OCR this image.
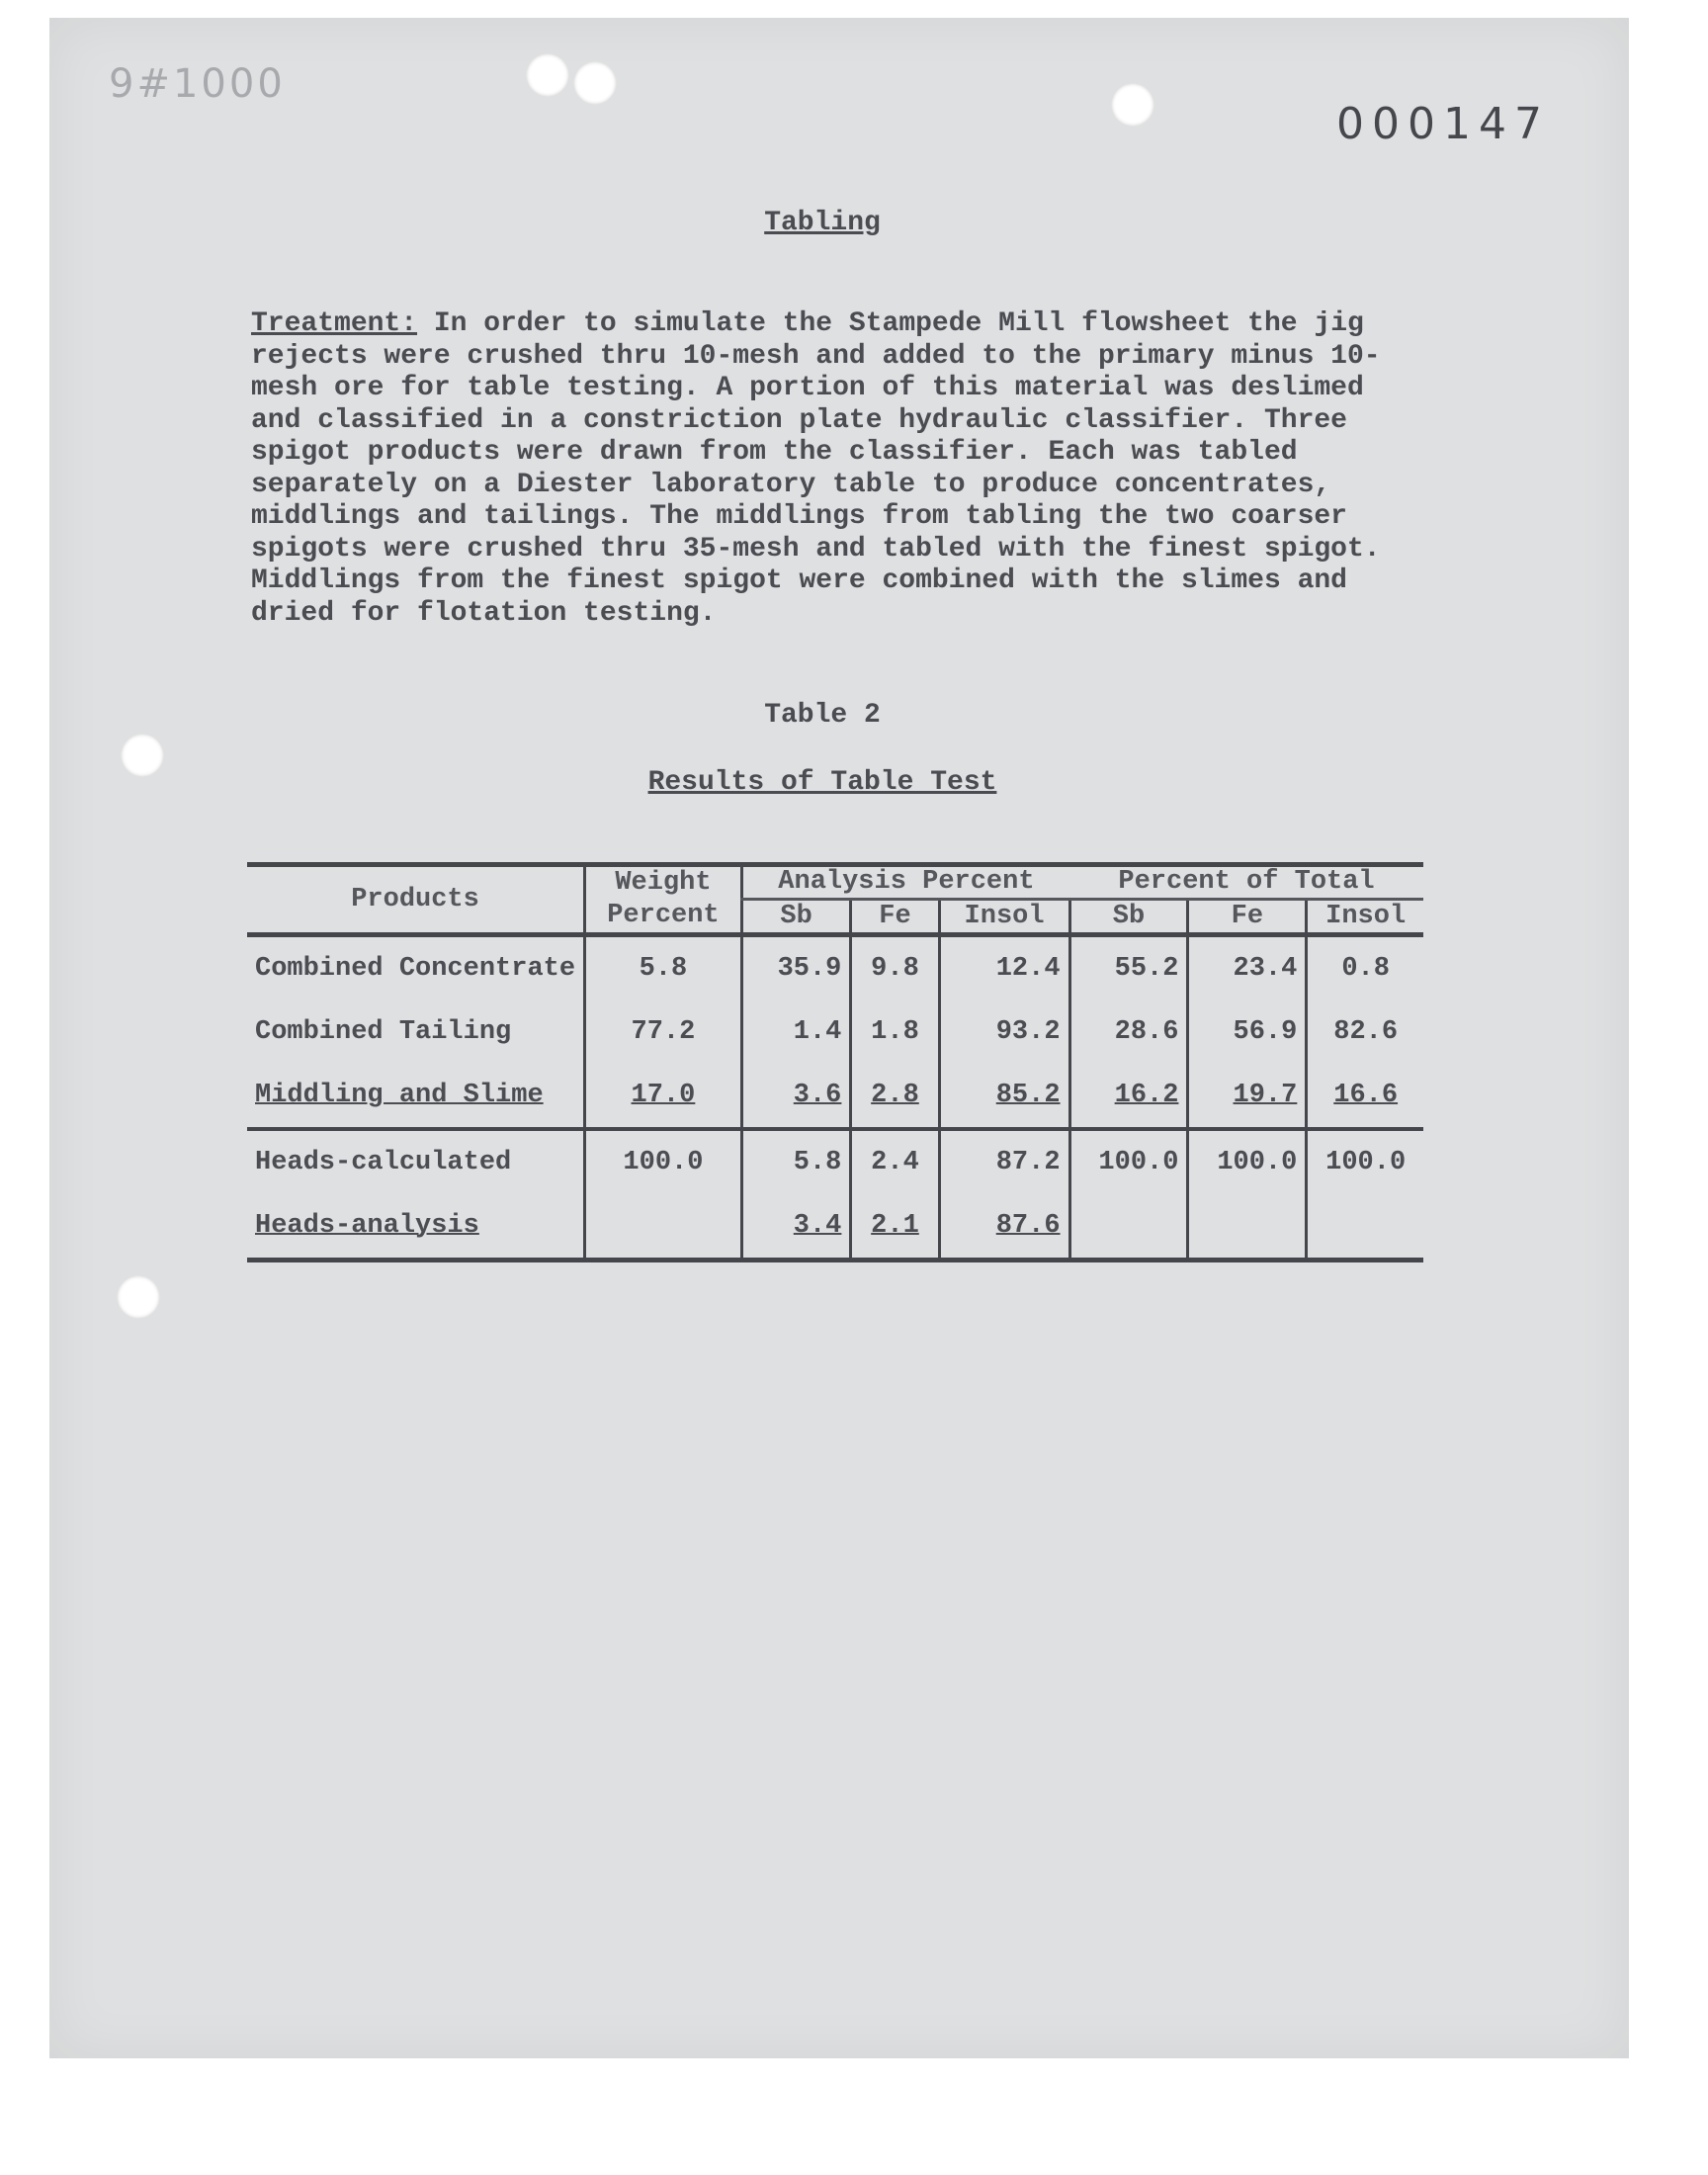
9#1000
000147
Tabling

Treatment: In order to simulate the Stampede Mill flowsheet the jig rejects were crushed thru 10-mesh and added to the primary minus 10-mesh ore for table testing. A portion of this material was deslimed and classified in a constriction plate hydraulic classifier. Three spigot products were drawn from the classifier. Each was tabled separately on a Diester laboratory table to produce concentrates, middlings and tailings. The middlings from tabling the two coarser spigots were crushed thru 35-mesh and tabled with the finest spigot. Middlings from the finest spigot were combined with the slimes and dried for flotation testing.

Table 2
Results of Table Test
Products	Weight	Analysis Percent			Percent of Total		
	Percent	Sb	Fe	Insol	Sb	Fe	Insol
Combined Concentrate	5.8	35.9	9.8	12.4	55.2	23.4	0.8
Combined Tailing	77.2	1.4	1.8	93.2	28.6	56.9	82.6
Middling and Slime	17.0	3.6	2.8	85.2	16.2	19.7	16.6
Heads-calculated	100.0	5.8	2.4	87.2	100.0	100.0	100.0
Heads-analysis		3.4	2.1	87.6			
